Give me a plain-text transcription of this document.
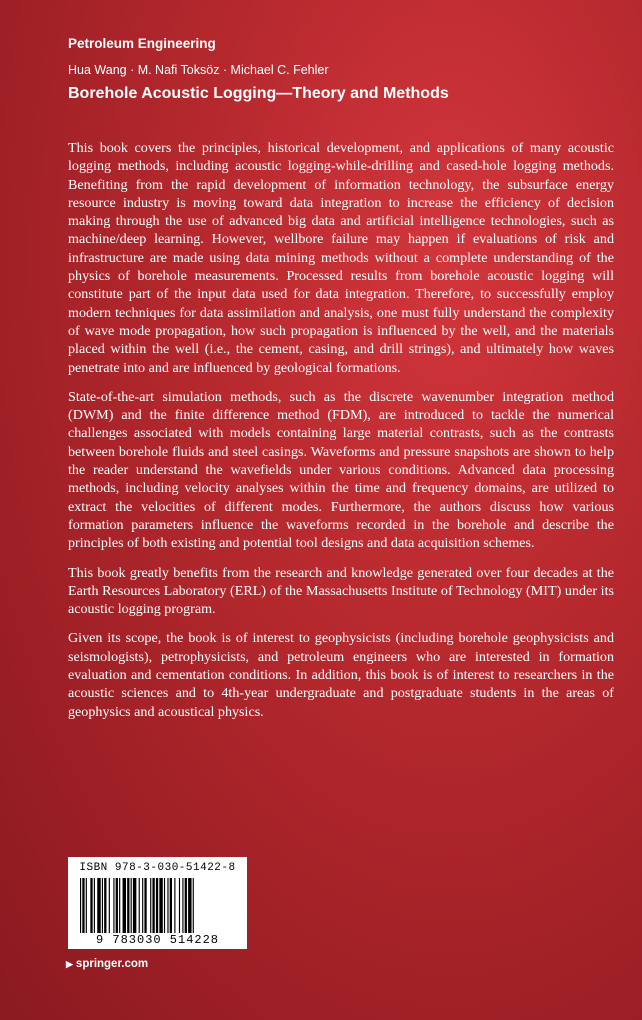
Petroleum Engineering
Hua Wang · M. Nafi Toksöz · Michael C. Fehler
Borehole Acoustic Logging—Theory and Methods

This book covers the principles, historical development, and applications of many acoustic logging methods, including acoustic logging-while-drilling and cased-hole logging methods. Benefiting from the rapid development of information technology, the subsurface energy resource industry is moving toward data integration to increase the efficiency of decision making through the use of advanced big data and artificial intelligence technologies, such as machine/deep learning. However, wellbore failure may happen if evaluations of risk and infrastructure are made using data mining methods without a complete understanding of the physics of borehole measurements. Processed results from borehole acoustic logging will constitute part of the input data used for data integration. Therefore, to successfully employ modern techniques for data assimilation and analysis, one must fully understand the complexity of wave mode propagation, how such propagation is influenced by the well, and the materials placed within the well (i.e., the cement, casing, and drill strings), and ultimately how waves penetrate into and are influenced by geological formations.

State-of-the-art simulation methods, such as the discrete wavenumber integration method (DWM) and the finite difference method (FDM), are introduced to tackle the numerical challenges associated with models containing large material contrasts, such as the contrasts between borehole fluids and steel casings. Waveforms and pressure snapshots are shown to help the reader understand the wavefields under various conditions. Advanced data processing methods, including velocity analyses within the time and frequency domains, are utilized to extract the velocities of different modes. Furthermore, the authors discuss how various formation parameters influence the waveforms recorded in the borehole and describe the principles of both existing and potential tool designs and data acquisition schemes.

This book greatly benefits from the research and knowledge generated over four decades at the Earth Resources Laboratory (ERL) of the Massachusetts Institute of Technology (MIT) under its acoustic logging program.

Given its scope, the book is of interest to geophysicists (including borehole geophysicists and seismologists), petrophysicists, and petroleum engineers who are interested in formation evaluation and cementation conditions. In addition, this book is of interest to researchers in the acoustic sciences and to 4th-year undergraduate and postgraduate students in the areas of geophysics and acoustical physics.

ISBN 978-3-030-51422-8
9 783030 514228
▶ springer.com
